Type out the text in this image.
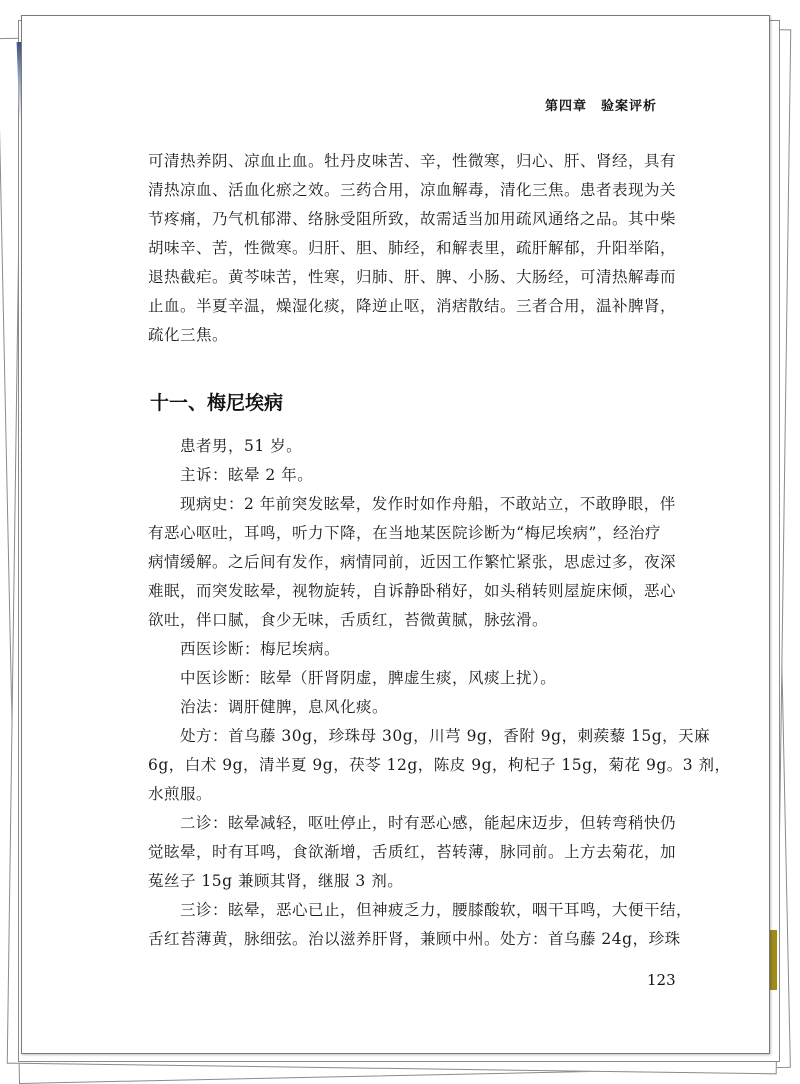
第四章　验案评析
可清热养阴、凉血止血。牡丹皮味苦、辛，性微寒，归心、肝、肾经，具有
清热凉血、活血化瘀之效。三药合用，凉血解毒，清化三焦。患者表现为关
节疼痛，乃气机郁滞、络脉受阻所致，故需适当加用疏风通络之品。其中柴
胡味辛、苦，性微寒。归肝、胆、肺经，和解表里，疏肝解郁，升阳举陷，
退热截疟。黄芩味苦，性寒，归肺、肝、脾、小肠、大肠经，可清热解毒而
止血。半夏辛温，燥湿化痰，降逆止呕，消痞散结。三者合用，温补脾肾，
疏化三焦。
十一、梅尼埃病
患者男，51 岁。
主诉：眩晕 2 年。
现病史：2 年前突发眩晕，发作时如作舟船，不敢站立，不敢睁眼，伴
有恶心呕吐，耳鸣，听力下降，在当地某医院诊断为“梅尼埃病”，经治疗
病情缓解。之后间有发作，病情同前，近因工作繁忙紧张，思虑过多，夜深
难眠，而突发眩晕，视物旋转，自诉静卧稍好，如头稍转则屋旋床倾，恶心
欲吐，伴口腻，食少无味，舌质红，苔微黄腻，脉弦滑。
西医诊断：梅尼埃病。
中医诊断：眩晕（肝肾阴虚，脾虚生痰，风痰上扰）。
治法：调肝健脾，息风化痰。
处方：首乌藤 30g，珍珠母 30g，川芎 9g，香附 9g，刺蒺藜 15g，天麻
6g，白术 9g，清半夏 9g，茯苓 12g，陈皮 9g，枸杞子 15g，菊花 9g。3 剂，
水煎服。
二诊：眩晕减轻，呕吐停止，时有恶心感，能起床迈步，但转弯稍快仍
觉眩晕，时有耳鸣，食欲渐增，舌质红，苔转薄，脉同前。上方去菊花，加
菟丝子 15g 兼顾其肾，继服 3 剂。
三诊：眩晕，恶心已止，但神疲乏力，腰膝酸软，咽干耳鸣，大便干结，
舌红苔薄黄，脉细弦。治以滋养肝肾，兼顾中州。处方：首乌藤 24g，珍珠
123
